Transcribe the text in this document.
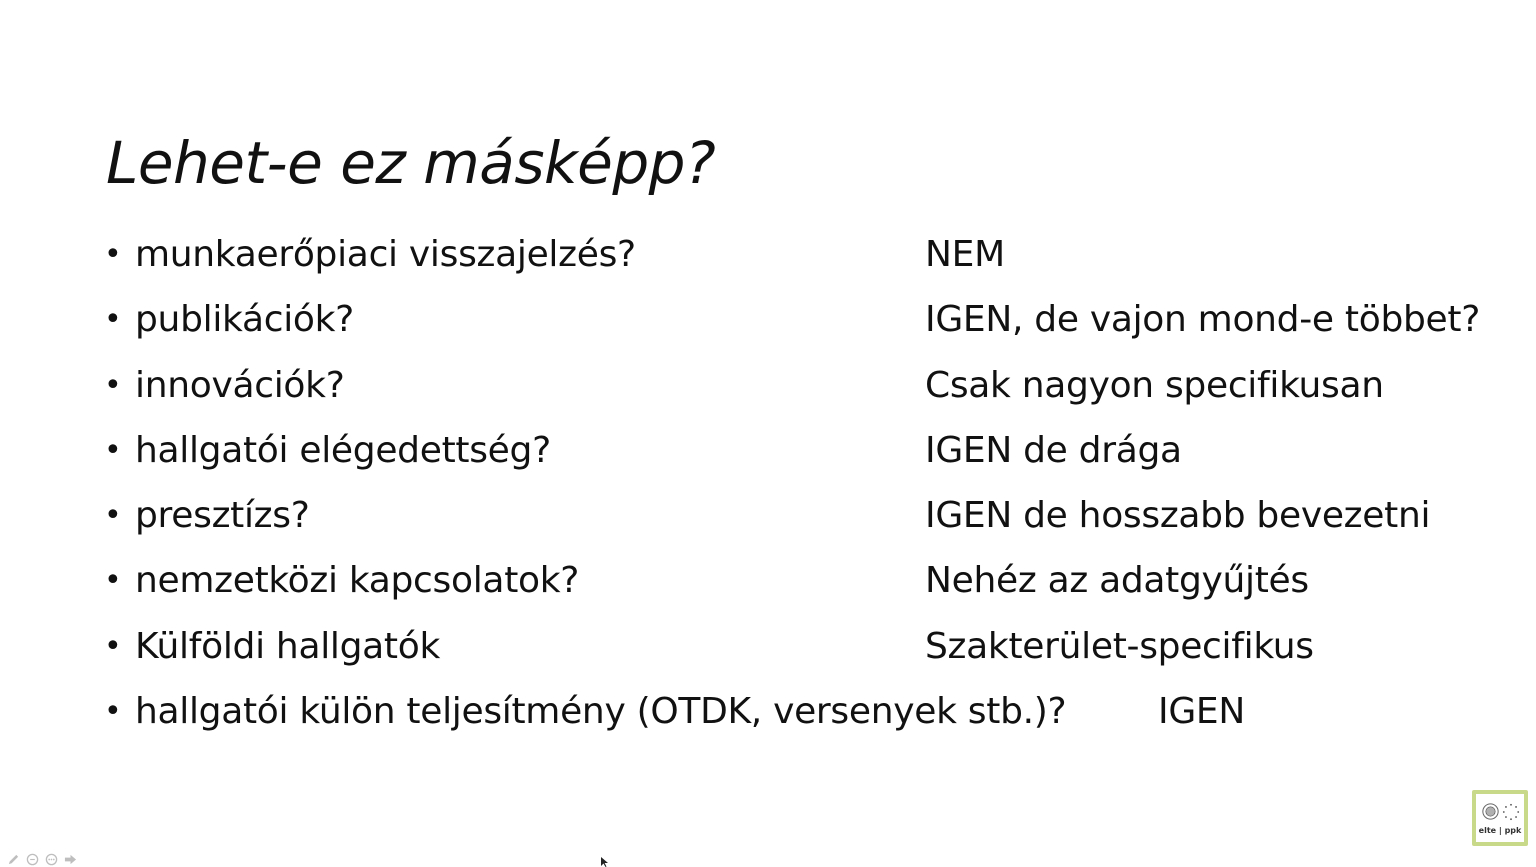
Lehet-e ez másképp?
• munkaerőpiaci visszajelzés?	NEM
• publikációk?	IGEN, de vajon mond-e többet?
• innovációk?	Csak nagyon specifikusan
• hallgatói elégedettség?	IGEN de drága
• presztízs?	IGEN de hosszabb bevezetni
• nemzetközi kapcsolatok?	Nehéz az adatgyűjtés
• Külföldi hallgatók	Szakterület-specifikus
• hallgatói külön teljesítmény (OTDK, versenyek stb.)?	IGEN
elte | ppk
